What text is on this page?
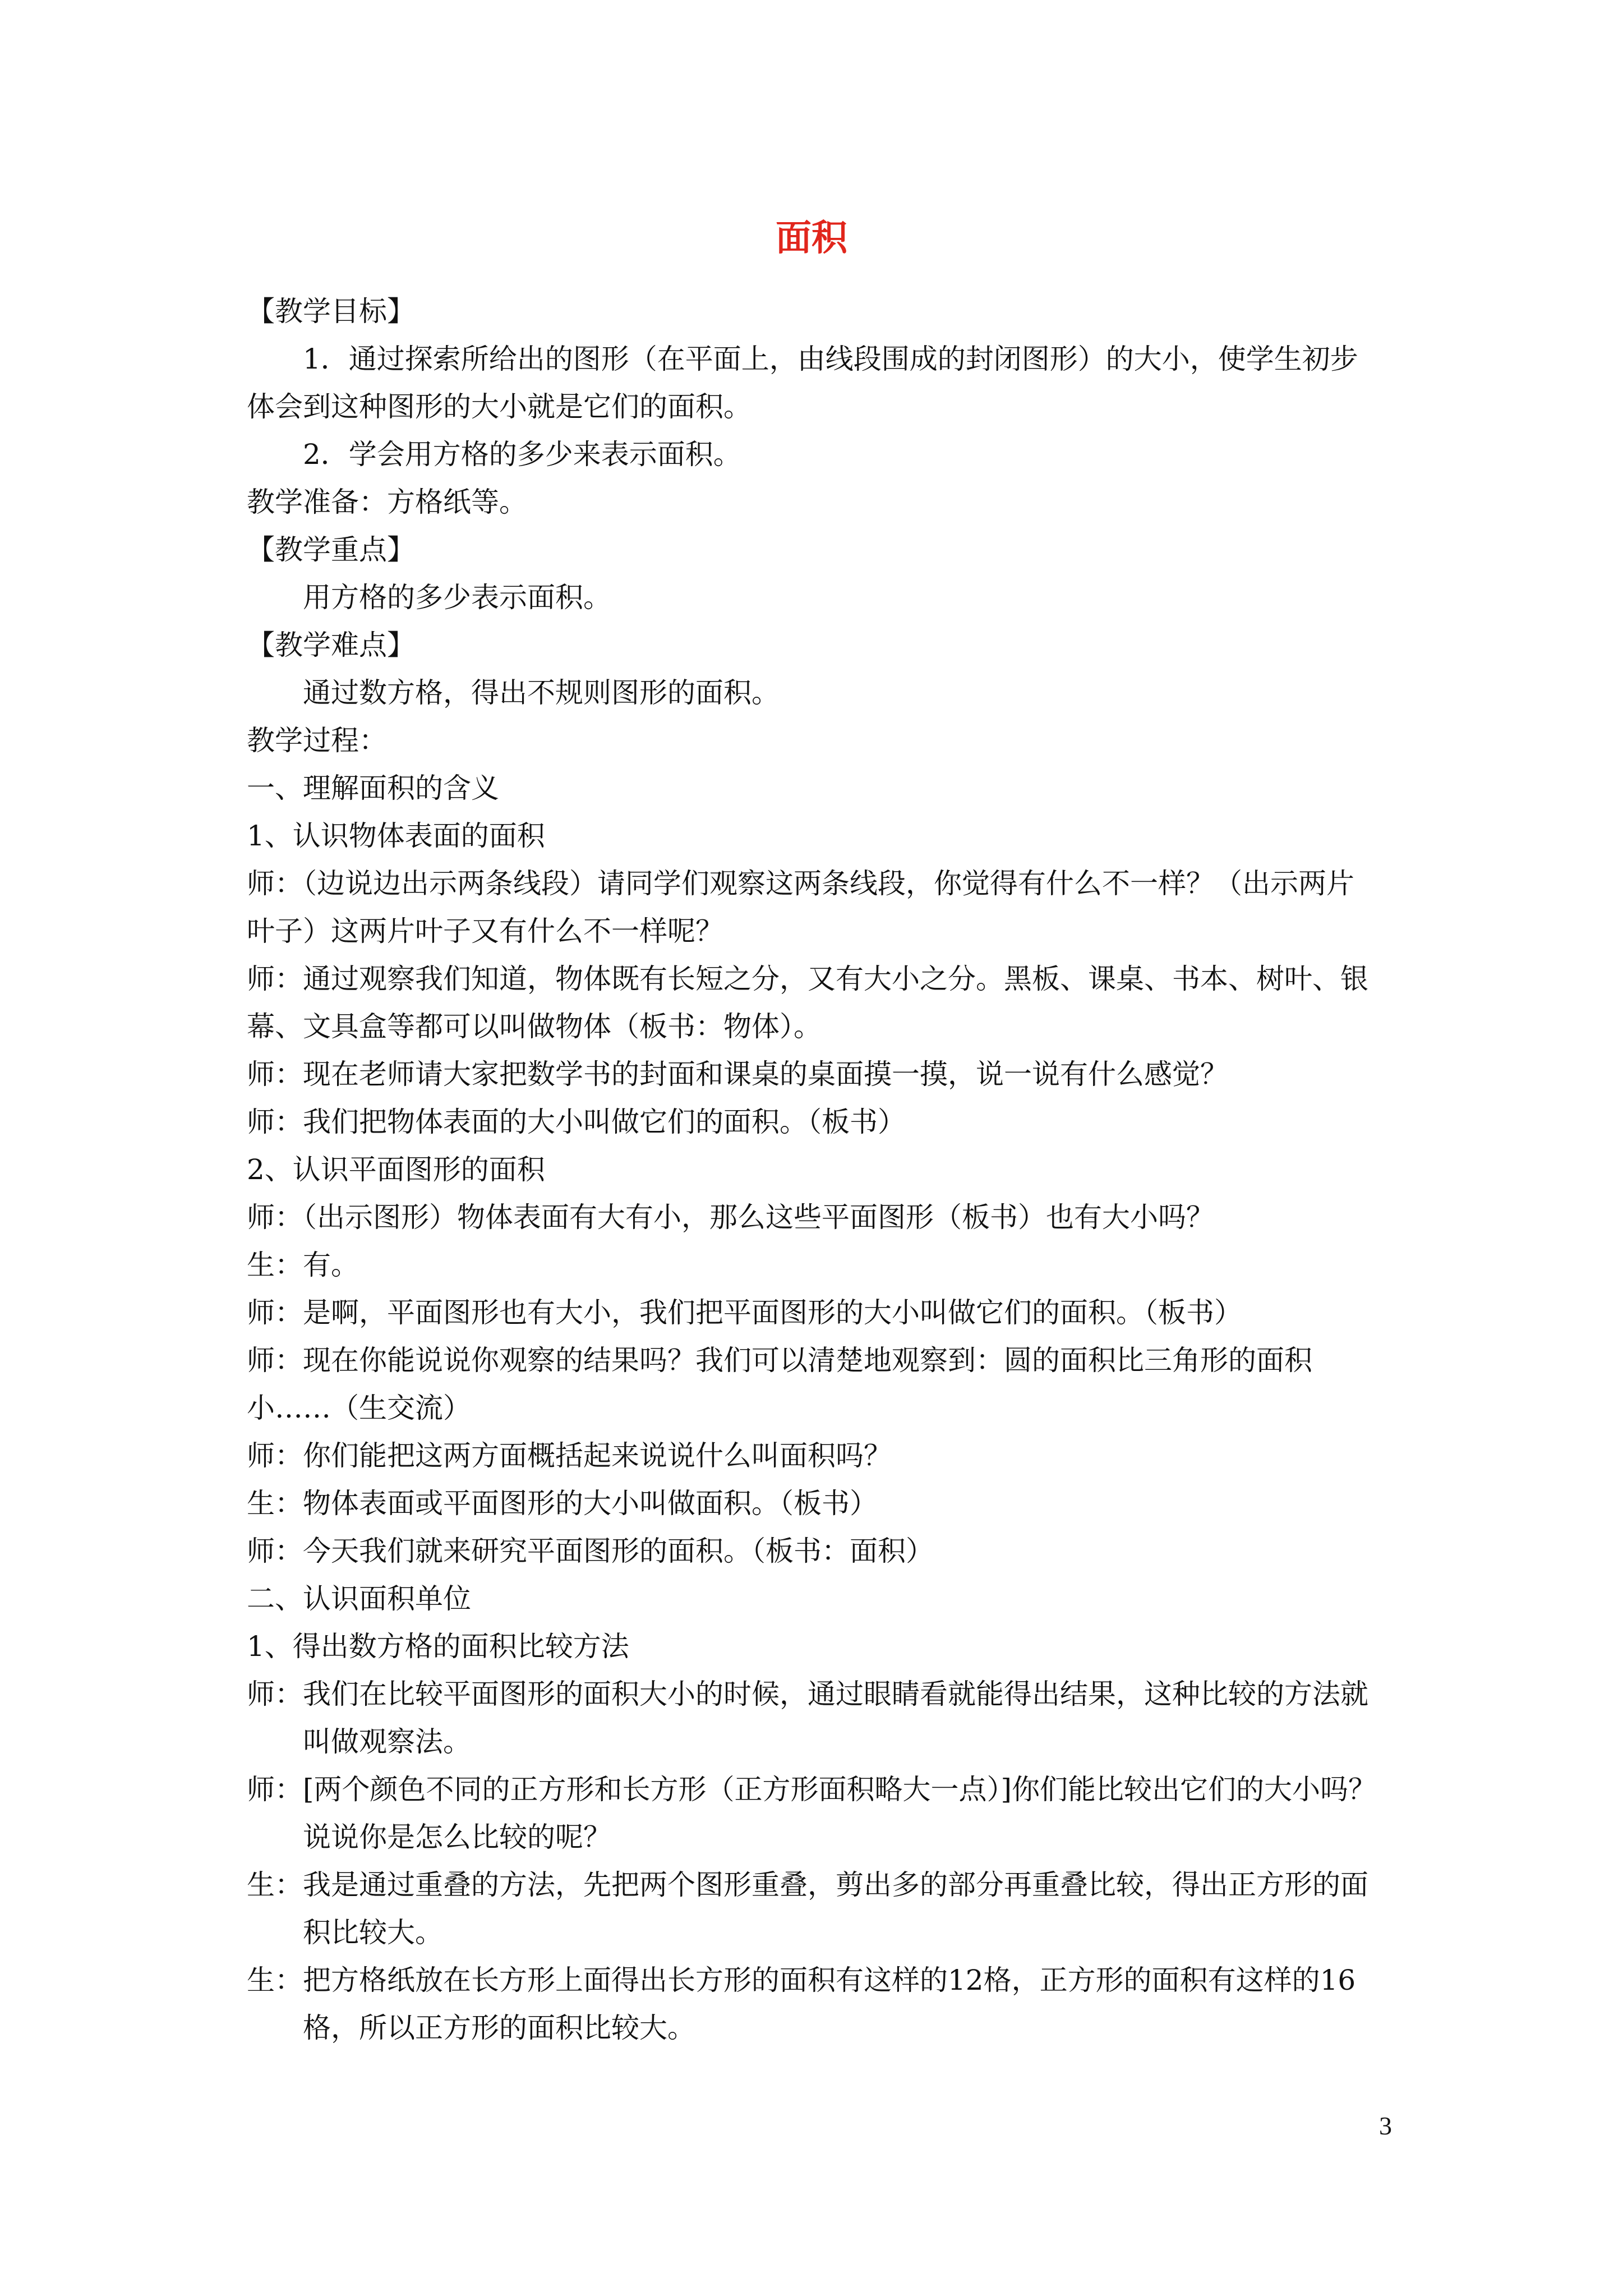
面积
【教学目标】
　　1．通过探索所给出的图形（在平面上，由线段围成的封闭图形）的大小，使学生初步
体会到这种图形的大小就是它们的面积。
　　2．学会用方格的多少来表示面积。
教学准备：方格纸等。
【教学重点】
　　用方格的多少表示面积。
【教学难点】
　　通过数方格，得出不规则图形的面积。
教学过程：
一、理解面积的含义
1、认识物体表面的面积
师：（边说边出示两条线段）请同学们观察这两条线段，你觉得有什么不一样？（出示两片
叶子）这两片叶子又有什么不一样呢？
师：通过观察我们知道，物体既有长短之分，又有大小之分。黑板、课桌、书本、树叶、银
幕、文具盒等都可以叫做物体（板书：物体）。
师：现在老师请大家把数学书的封面和课桌的桌面摸一摸，说一说有什么感觉？
师：我们把物体表面的大小叫做它们的面积。（板书）
2、认识平面图形的面积
师：（出示图形）物体表面有大有小，那么这些平面图形（板书）也有大小吗？
生：有。
师：是啊，平面图形也有大小，我们把平面图形的大小叫做它们的面积。（板书）
师：现在你能说说你观察的结果吗？我们可以清楚地观察到：圆的面积比三角形的面积
小……（生交流）
师：你们能把这两方面概括起来说说什么叫面积吗？
生：物体表面或平面图形的大小叫做面积。（板书）
师：今天我们就来研究平面图形的面积。（板书：面积）
二、认识面积单位
1、得出数方格的面积比较方法
师：我们在比较平面图形的面积大小的时候，通过眼睛看就能得出结果，这种比较的方法就
　　叫做观察法。
师：[两个颜色不同的正方形和长方形（正方形面积略大一点）]你们能比较出它们的大小吗？
　　说说你是怎么比较的呢？
生：我是通过重叠的方法，先把两个图形重叠，剪出多的部分再重叠比较，得出正方形的面
　　积比较大。
生：把方格纸放在长方形上面得出长方形的面积有这样的12格，正方形的面积有这样的16
　　格，所以正方形的面积比较大。
3
